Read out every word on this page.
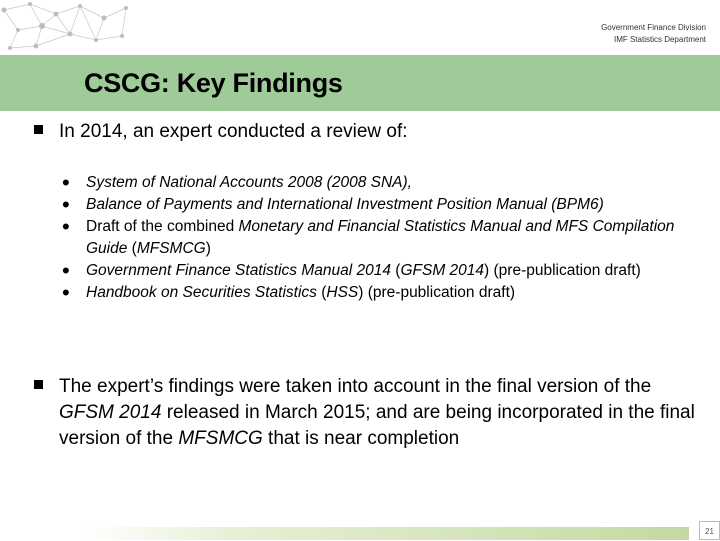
Government Finance Division
IMF Statistics Department
CSCG: Key Findings
In 2014, an expert conducted a review of:
• System of National Accounts 2008 (2008 SNA),
• Balance of Payments and International Investment Position Manual (BPM6)
• Draft of the combined Monetary and Financial Statistics Manual and MFS Compilation Guide (MFSMCG)
• Government Finance Statistics Manual 2014 (GFSM 2014) (pre-publication draft)
• Handbook on Securities Statistics (HSS) (pre-publication draft)
The expert’s findings were taken into account in the final version of the GFSM 2014 released in March 2015; and are being incorporated in the final version of the MFSMCG that is near completion
21
